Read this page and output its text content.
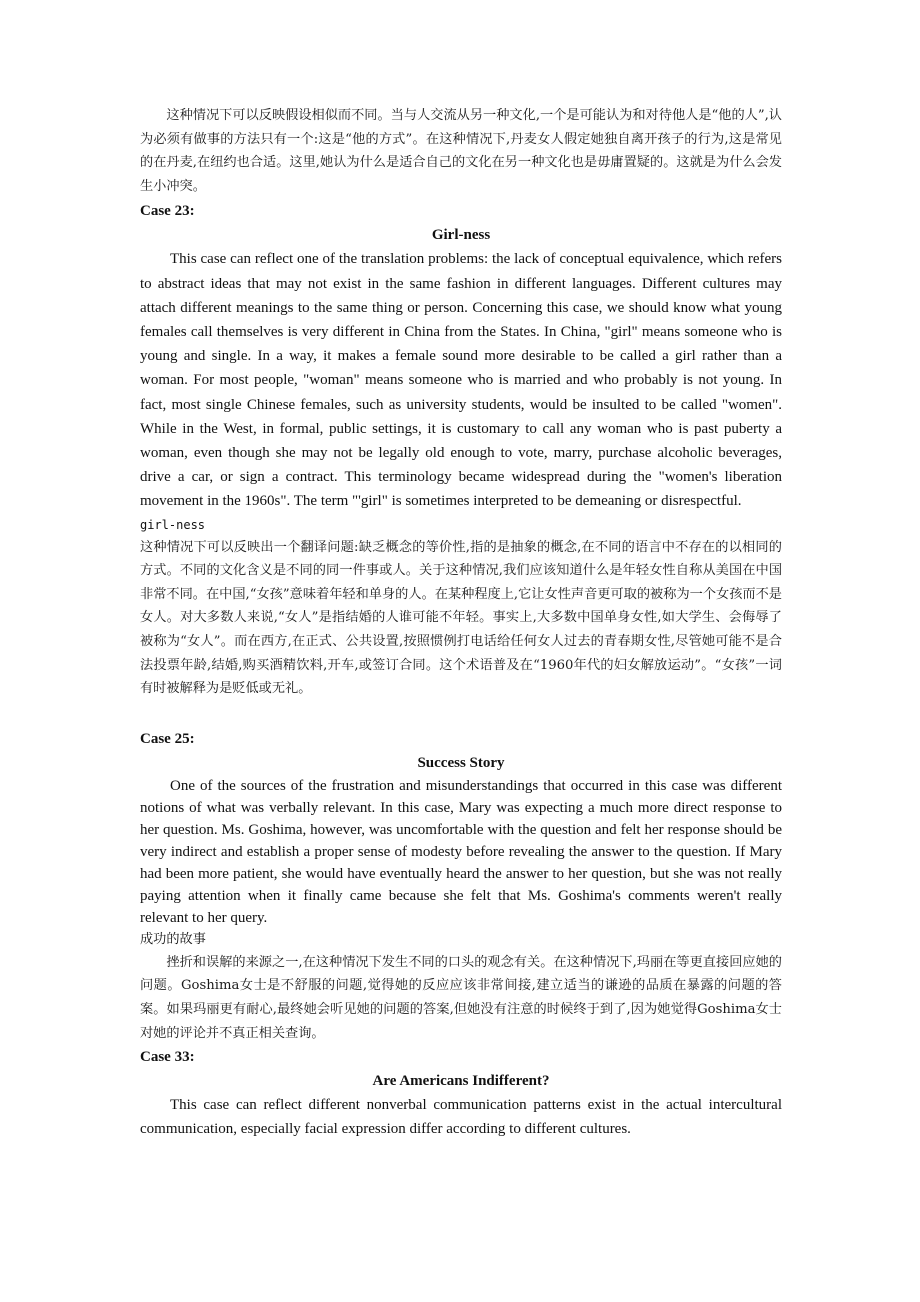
这种情况下可以反映假设相似而不同。当与人交流从另一种文化,一个是可能认为和对待他人是“他的人”,认为必须有做事的方法只有一个:这是“他的方式”。在这种情况下,丹麦女人假定她独自离开孩子的行为,这是常见的在丹麦,在纽约也合适。这里,她认为什么是适合自己的文化在另一种文化也是毋庸置疑的。这就是为什么会发生小冲突。

Case 23:

Girl-ness

This case can reflect one of the translation problems: the lack of conceptual equivalence, which refers to abstract ideas that may not exist in the same fashion in different languages. Different cultures may attach different meanings to the same thing or person. Concerning this case, we should know what young females call themselves is very different in China from the States. In China, "girl" means someone who is young and single. In a way, it makes a female sound more desirable to be called a girl rather than a woman. For most people, "woman" means someone who is married and who probably is not young. In fact, most single Chinese females, such as university students, would be insulted to be called "women". While in the West, in formal, public settings, it is customary to call any woman who is past puberty a woman, even though she may not be legally old enough to vote, marry, purchase alcoholic beverages, drive a car, or sign a contract. This terminology became widespread during the "women's liberation movement in the 1960s". The term "'girl" is sometimes interpreted to be demeaning or disrespectful.

girl-ness

这种情况下可以反映出一个翻译问题:缺乏概念的等价性,指的是抽象的概念,在不同的语言中不存在的以相同的方式。不同的文化含义是不同的同一件事或人。关于这种情况,我们应该知道什么是年轻女性自称从美国在中国非常不同。在中国,“女孩”意味着年轻和单身的人。在某种程度上,它让女性声音更可取的被称为一个女孩而不是女人。对大多数人来说,“女人”是指结婚的人谁可能不年轻。事实上,大多数中国单身女性,如大学生、会侮辱了被称为“女人”。而在西方,在正式、公共设置,按照惯例打电话给任何女人过去的青春期女性,尽管她可能不是合法投票年龄,结婚,购买酒精饮料,开车,或签订合同。这个术语普及在“1960年代的妇女解放运动”。“女孩”一词有时被解释为是贬低或无礼。

Case 25:

Success Story

One of the sources of the frustration and misunderstandings that occurred in this case was different notions of what was verbally relevant. In this case, Mary was expecting a much more direct response to her question. Ms. Goshima, however, was uncomfortable with the question and felt her response should be very indirect and establish a proper sense of modesty before revealing the answer to the question. If Mary had been more patient, she would have eventually heard the answer to her question, but she was not really paying attention when it finally came because she felt that Ms. Goshima's comments weren't really relevant to her query.

成功的故事

挫折和误解的来源之一,在这种情况下发生不同的口头的观念有关。在这种情况下,玛丽在等更直接回应她的问题。Goshima女士是不舒服的问题,觉得她的反应应该非常间接,建立适当的谦逊的品质在暴露的问题的答案。如果玛丽更有耐心,最终她会听见她的问题的答案,但她没有注意的时候终于到了,因为她觉得Goshima女士对她的评论并不真正相关查询。

Case 33:

Are Americans Indifferent?

This case can reflect different nonverbal communication patterns exist in the actual intercultural communication, especially facial expression differ according to different cultures.
